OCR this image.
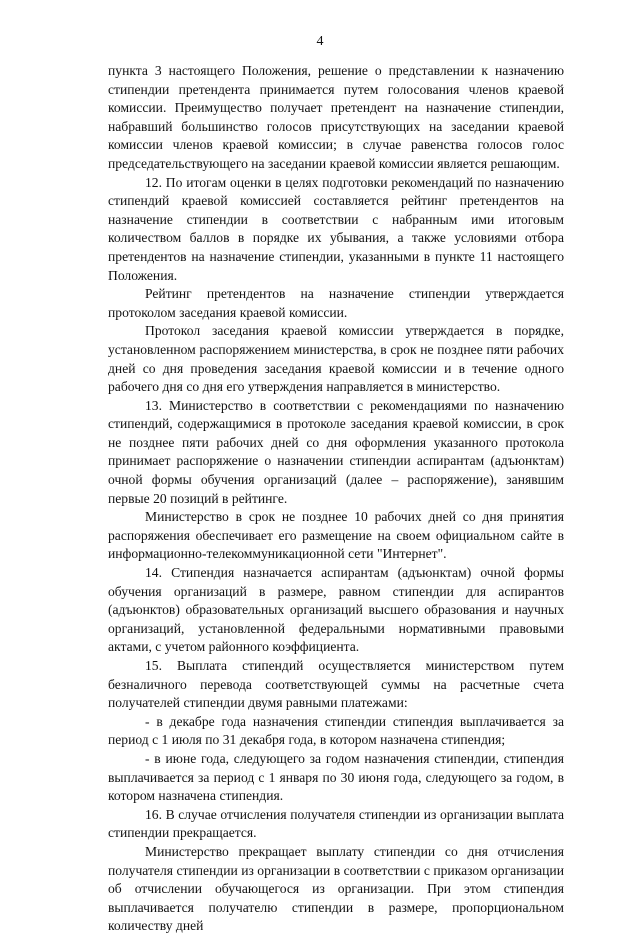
4

пункта 3 настоящего Положения, решение о представлении к назначению стипендии претендента принимается путем голосования членов краевой комиссии. Преимущество получает претендент на назначение стипендии, набравший большинство голосов присутствующих на заседании краевой комиссии членов краевой комиссии; в случае равенства голосов голос председательствующего на заседании краевой комиссии является решающим.

12. По итогам оценки в целях подготовки рекомендаций по назначению стипендий краевой комиссией составляется рейтинг претендентов на назначение стипендии в соответствии с набранным ими итоговым количеством баллов в порядке их убывания, а также условиями отбора претендентов на назначение стипендии, указанными в пункте 11 настоящего Положения.

Рейтинг претендентов на назначение стипендии утверждается протоколом заседания краевой комиссии.

Протокол заседания краевой комиссии утверждается в порядке, установленном распоряжением министерства, в срок не позднее пяти рабочих дней со дня проведения заседания краевой комиссии и в течение одного рабочего дня со дня его утверждения направляется в министерство.

13. Министерство в соответствии с рекомендациями по назначению стипендий, содержащимися в протоколе заседания краевой комиссии, в срок не позднее пяти рабочих дней со дня оформления указанного протокола принимает распоряжение о назначении стипендии аспирантам (адъюнктам) очной формы обучения организаций (далее – распоряжение), занявшим первые 20 позиций в рейтинге.

Министерство в срок не позднее 10 рабочих дней со дня принятия распоряжения обеспечивает его размещение на своем официальном сайте в информационно-телекоммуникационной сети "Интернет".

14. Стипендия назначается аспирантам (адъюнктам) очной формы обучения организаций в размере, равном стипендии для аспирантов (адъюнктов) образовательных организаций высшего образования и научных организаций, установленной федеральными нормативными правовыми актами, с учетом районного коэффициента.

15. Выплата стипендий осуществляется министерством путем безналичного перевода соответствующей суммы на расчетные счета получателей стипендии двумя равными платежами:

- в декабре года назначения стипендии стипендия выплачивается за период с 1 июля по 31 декабря года, в котором назначена стипендия;

- в июне года, следующего за годом назначения стипендии, стипендия выплачивается за период с 1 января по 30 июня года, следующего за годом, в котором назначена стипендия.

16. В случае отчисления получателя стипендии из организации выплата стипендии прекращается.

Министерство прекращает выплату стипендии со дня отчисления получателя стипендии из организации в соответствии с приказом организации об отчислении обучающегося из организации. При этом стипендия выплачивается получателю стипендии в размере, пропорциональном количеству дней
